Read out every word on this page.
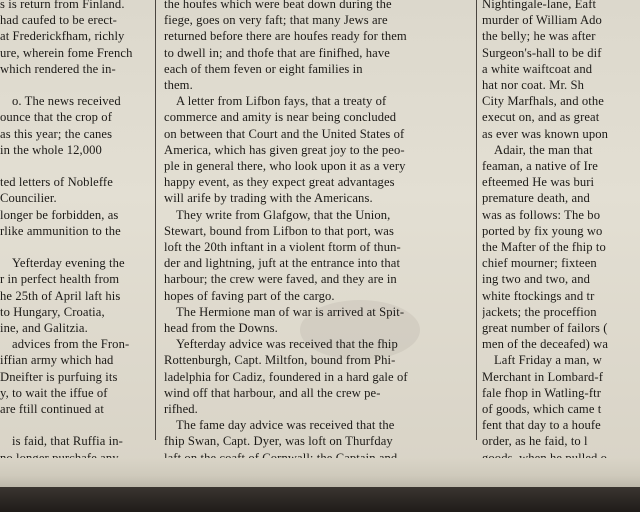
s is return from Finland.

had caufed to be erect-

at Frederickfham, richly

ure, wherein fome French

which rendered the in-

o. The news received

ounce that the crop of

as this year; the canes

in the whole 12,000

ted letters of Nobleffe

Councilier.

longer be forbidden, as

rlike ammunition to the

Yefterday evening the

r in perfect health from

he 25th of April laft his

to Hungary, Croatia,

ine, and Galitzia.

advices from the Fron-

iffian army which had

Dneifter is purfuing its

y, to wait the iffue of

are ftill continued at

is faid, that Ruffia in-

the houfes which were beat down during the

fiege, goes on very faft; that many Jews are

returned before there are houfes ready for them

to dwell in; and thofe that are finifhed, have

each of them feven or eight families in

them.

A letter from Lifbon fays, that a treaty of

commerce and amity is near being concluded

on between that Court and the United States of

America, which has given great joy to the peo-

ple in general there, who look upon it as a very

happy event, as they expect great advantages

will arife by trading with the Americans.

They write from Glafgow, that the Union,

Stewart, bound from Lifbon to that port, was

loft the 20th inftant in a violent ftorm of thun-

der and lightning, juft at the entrance into that

harbour; the crew were faved, and they are in

hopes of faving part of the cargo.

The Hermione man of war is arrived at Spit-

head from the Downs.

Yefterday advice was received that the fhip

Rottenburgh, Capt. Miltfon, bound from Phi-

ladelphia for Cadiz, foundered in a hard gale of

wind off that harbour, and all the crew pe-

rifhed.

The fame day advice was received that the

fhip Swan, Capt. Dyer, was loft on Thurfday

Nightingale-lane, Eaft

murder of William Ado

the belly; he was after

Surgeon's-hall to be dif

a white waiftcoat and

hat nor coat. Mr. Sh

City Marfhals, and othe

execut on, and as great

as ever was known upon

Adair, the man that

feaman, a native of Ire

efteemed He was buri

premature death, and

was as follows: The bo

ported by fix young wo

the Mafter of the fhip to

chief mourner; fixteen

ing two and two, and

white ftockings and tr

jackets; the proceffion

great number of failors (

men of the deceafed) wa

Laft Friday a man, w

Merchant in Lombard-f

fale fhop in Watling-ftr

of goods, which came t

fent that day to a houfe

order, as he faid, to l
